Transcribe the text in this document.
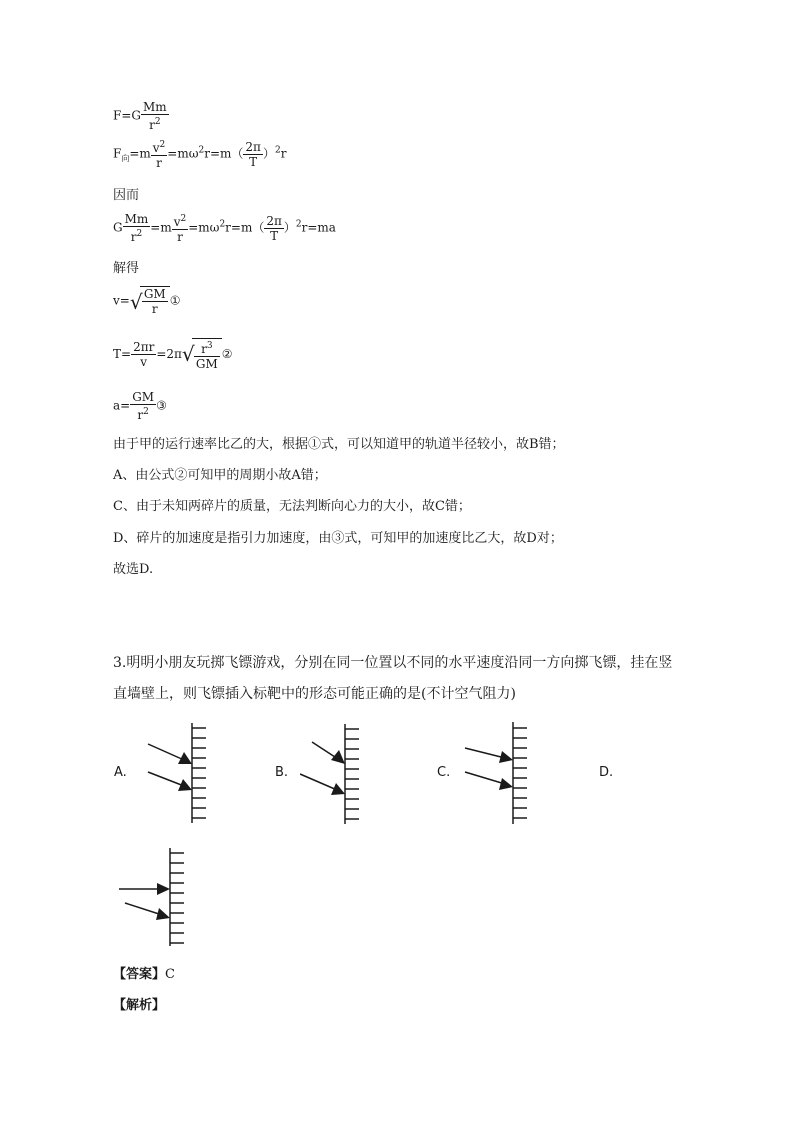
$F=G \frac{Mm}{r^2}$
$F_向=m \frac{v^2}{r} =m\omega^2r=m( \frac{2\pi}{T} )^2r$
因而
G $\frac{Mm}{r^2} =m \frac{v^2}{r} =m\omega^2r=m( \frac{2\pi}{T} )^2r=ma$
解得
v= √ $\frac{GM}{r}$ ①
$T= \frac{2\pi r}{v} =2\pi$ √ $\frac{r^3}{GM}$ ②
$a= \frac{GM}{r^2}$ ③
由于甲的运行速率比乙的大，根据①式，可以知道甲的轨道半径较小，故B错；
A、由公式②可知甲的周期小故A错；
C、由于未知两碎片的质量，无法判断向心力的大小，故C错；
D、碎片的加速度是指引力加速度，由③式，可知甲的加速度比乙大，故D对；
故选D.
3.明明小朋友玩掷飞镖游戏，分别在同一位置以不同的水平速度沿同一方向掷飞镖，挂在竖
直墙壁上，则飞镖插入标靶中的形态可能正确的是(不计空气阻力)
A.	B.	C.	D.
【答案】C
【解析】
